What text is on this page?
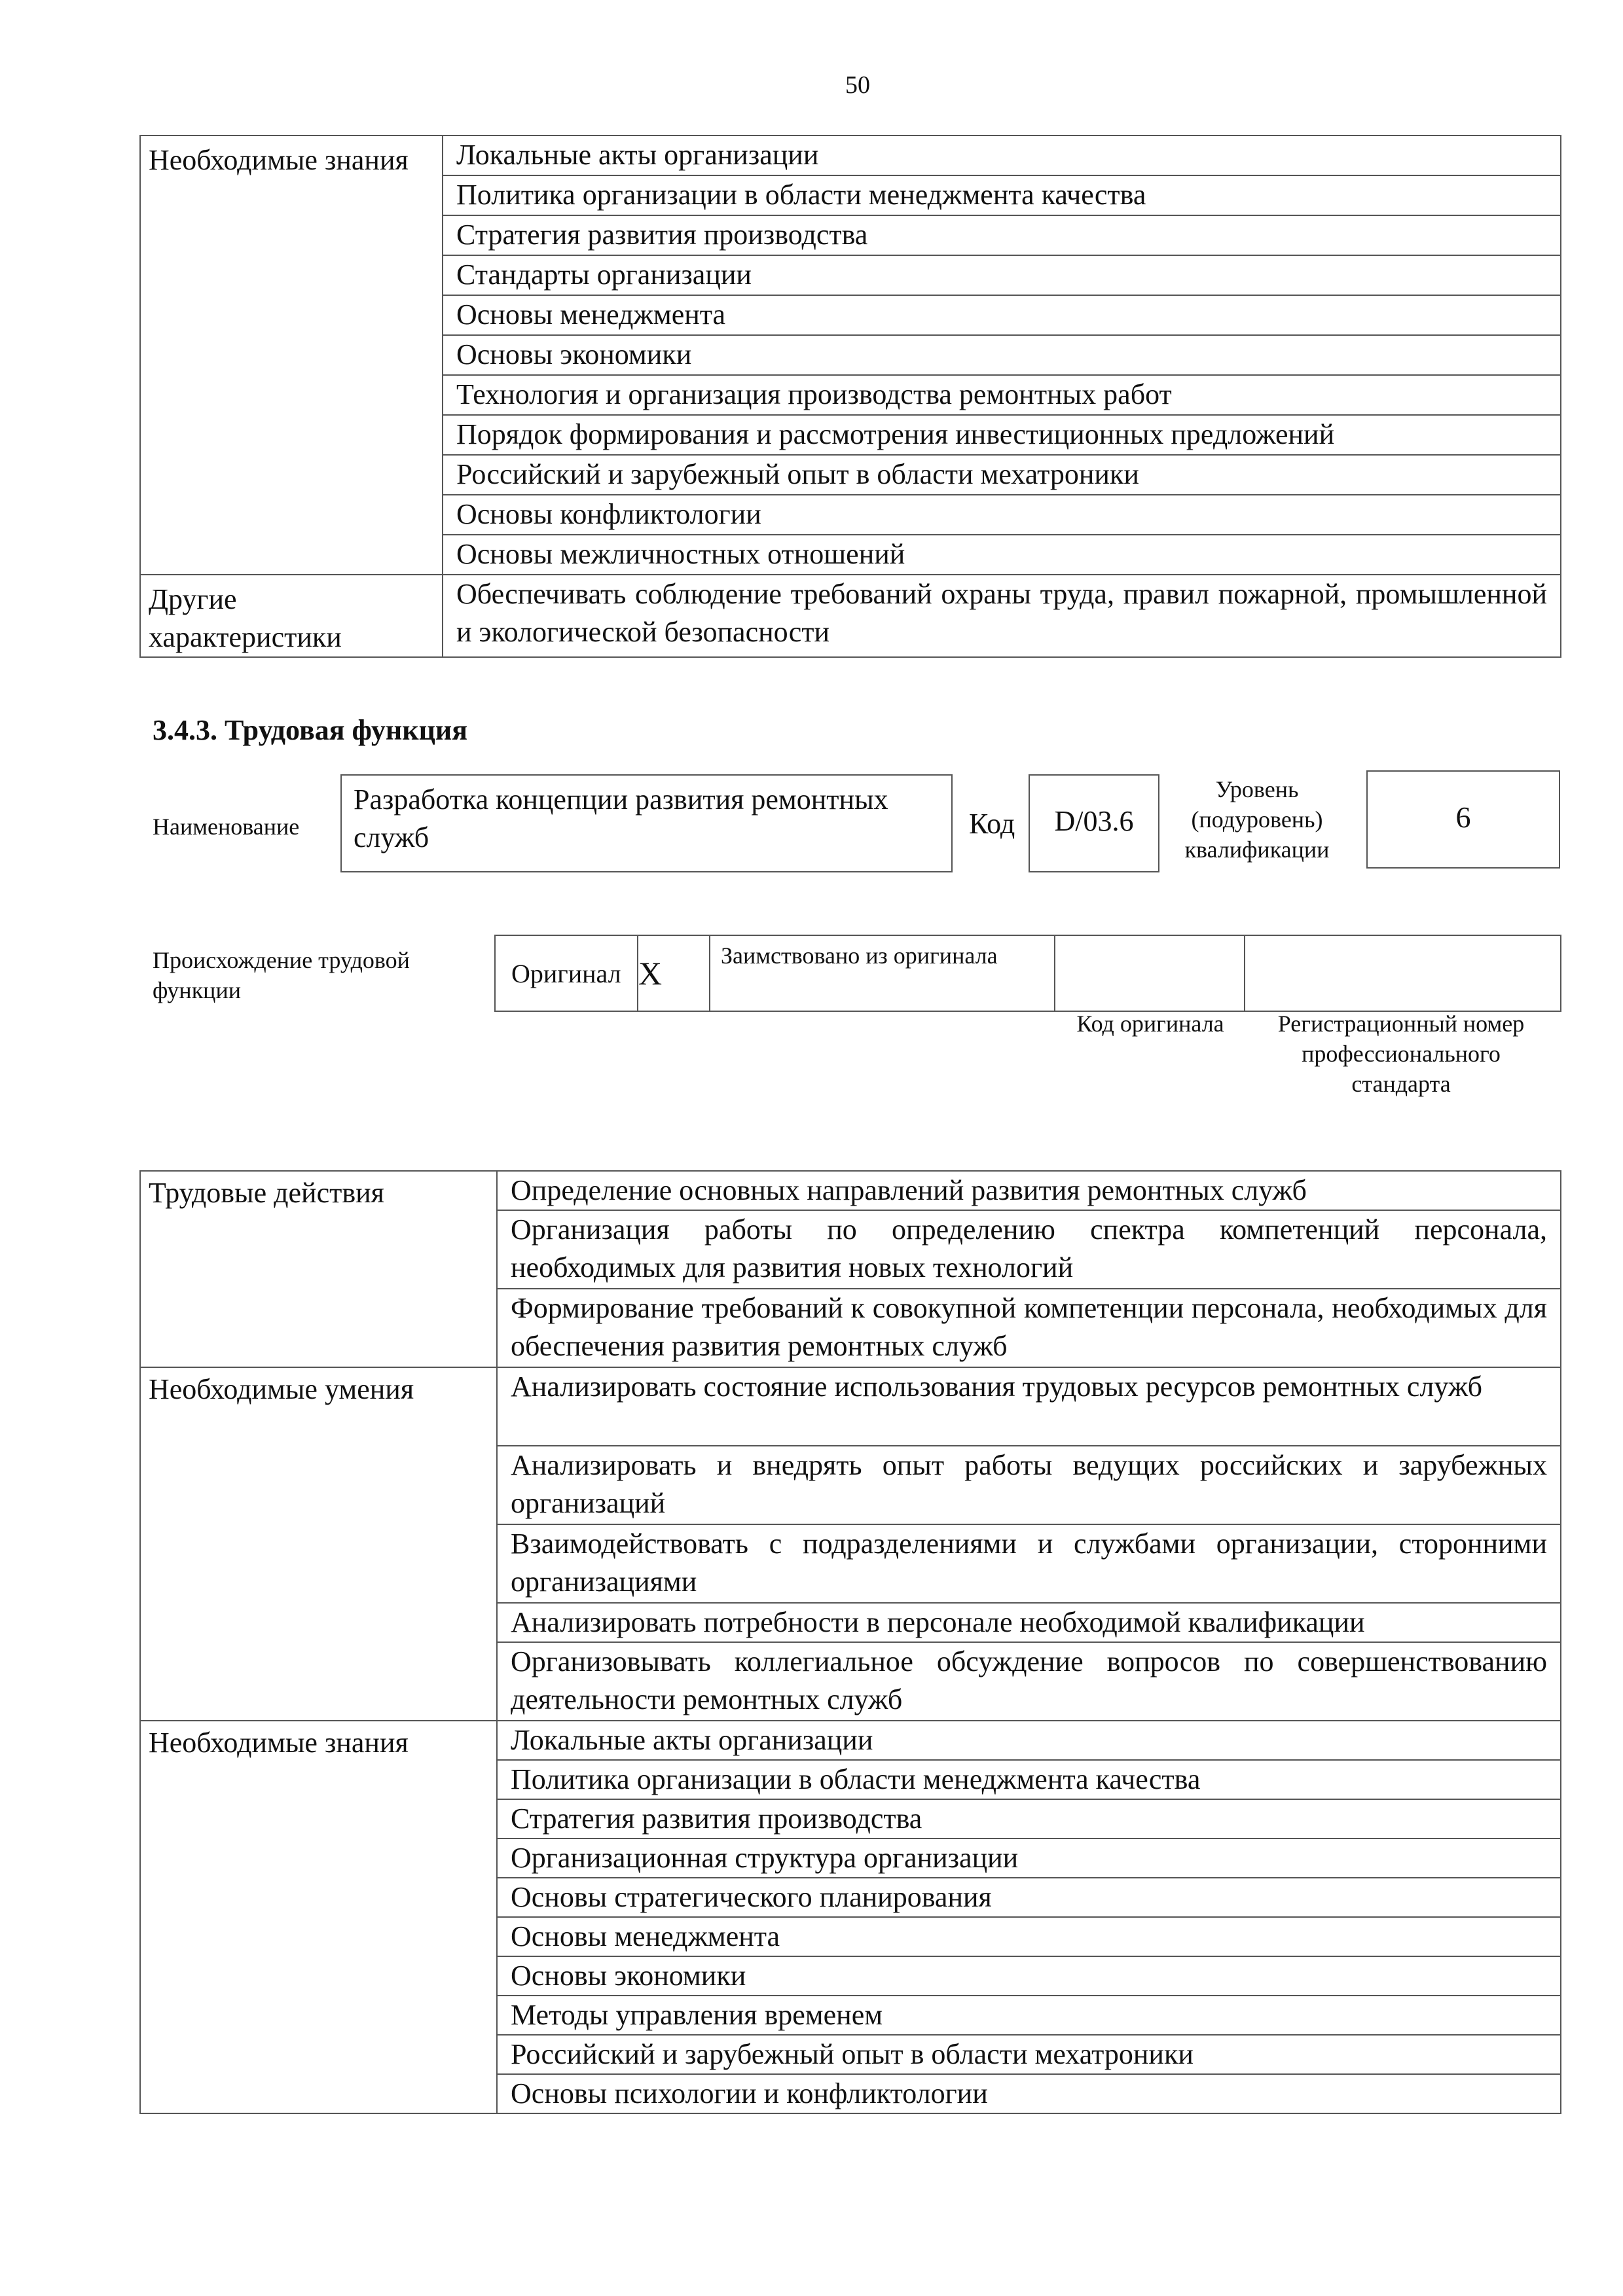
50
Необходимые знания	Локальные акты организации
	Политика организации в области менеджмента качества
	Стратегия развития производства
	Стандарты организации
	Основы менеджмента
	Основы экономики
	Технология и организация производства ремонтных работ
	Порядок формирования и рассмотрения инвестиционных предложений
	Российский и зарубежный опыт в области мехатроники
	Основы конфликтологии
	Основы межличностных отношений
Другие характеристики	Обеспечивать соблюдение требований охраны труда, правил пожарной, промышленной и экологической безопасности
3.4.3. Трудовая функция
Наименование
Разработка концепции развития ремонтных служб	Код	D/03.6
Уровень (подуровень) квалификации
6
Происхождение трудовой функции
Оригинал	X	Заимствовано из оригинала		
Код оригинала	Регистрационный номер профессионального стандарта
Трудовые действия	Определение основных направлений развития ремонтных служб
	Организация работы по определению спектра компетенций персонала, необходимых для развития новых технологий
	Формирование требований к совокупной компетенции персонала, необходимых для обеспечения развития ремонтных служб
Необходимые умения	Анализировать состояние использования трудовых ресурсов ремонтных служб
	Анализировать и внедрять опыт работы ведущих российских и зарубежных организаций
	Взаимодействовать с подразделениями и службами организации, сторонними организациями
	Анализировать потребности в персонале необходимой квалификации
	Организовывать коллегиальное обсуждение вопросов по совершенствованию деятельности ремонтных служб
Необходимые знания	Локальные акты организации
	Политика организации в области менеджмента качества
	Стратегия развития производства
	Организационная структура организации
	Основы стратегического планирования
	Основы менеджмента
	Основы экономики
	Методы управления временем
	Российский и зарубежный опыт в области мехатроники
	Основы психологии и конфликтологии
